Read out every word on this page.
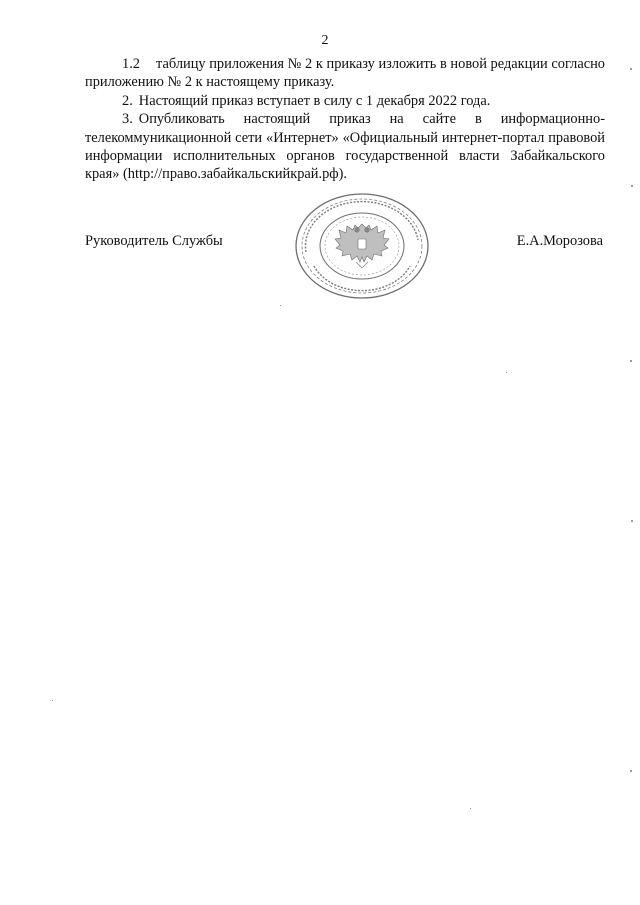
2

1.2 таблицу приложения № 2 к приказу изложить в новой редакции согласно приложению № 2 к настоящему приказу.

2. Настоящий приказ вступает в силу с 1 декабря 2022 года.

3. Опубликовать настоящий приказ на сайте в информационно-телекоммуникационной сети «Интернет» «Официальный интернет-портал правовой информации исполнительных органов государственной власти Забайкальского края» (http://право.забайкальскийкрай.рф).

Руководитель Службы	Е.А.Морозова
